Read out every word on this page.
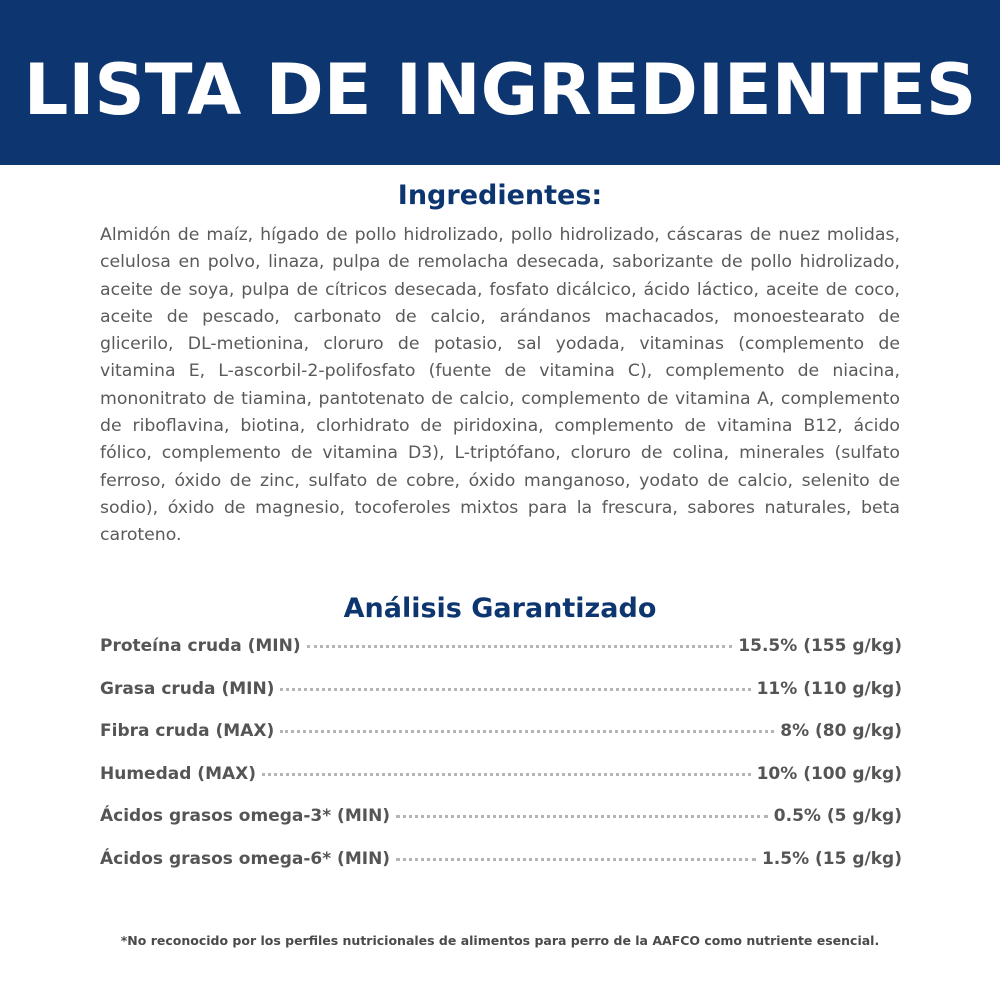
LISTA DE INGREDIENTES
Ingredientes:

Almidón de maíz, hígado de pollo hidrolizado, pollo hidrolizado, cáscaras de nuez molidas, celulosa en polvo, linaza, pulpa de remolacha desecada, saborizante de pollo hidrolizado, aceite de soya, pulpa de cítricos desecada, fosfato dicálcico, ácido láctico, aceite de coco, aceite de pescado, carbonato de calcio, arándanos machacados, monoestearato de glicerilo, DL-metionina, cloruro de potasio, sal yodada, vitaminas (complemento de vitamina E, L-ascorbil-2-polifosfato (fuente de vitamina C), complemento de niacina, mononitrato de tiamina, pantotenato de calcio, complemento de vitamina A, complemento de riboflavina, biotina, clorhidrato de piridoxina, complemento de vitamina B12, ácido fólico, complemento de vitamina D3), L-triptófano, cloruro de colina, minerales (sulfato ferroso, óxido de zinc, sulfato de cobre, óxido manganoso, yodato de calcio, selenito de sodio), óxido de magnesio, tocoferoles mixtos para la frescura, sabores naturales, beta caroteno.

Análisis Garantizado
Proteína cruda (MIN)	15.5% (155 g/kg)
Grasa cruda (MIN)	11% (110 g/kg)
Fibra cruda (MAX)	8% (80 g/kg)
Humedad (MAX)	10% (100 g/kg)
Ácidos grasos omega-3* (MIN)	0.5% (5 g/kg)
Ácidos grasos omega-6* (MIN)	1.5% (15 g/kg)
*No reconocido por los perfiles nutricionales de alimentos para perro de la AAFCO como nutriente esencial.
